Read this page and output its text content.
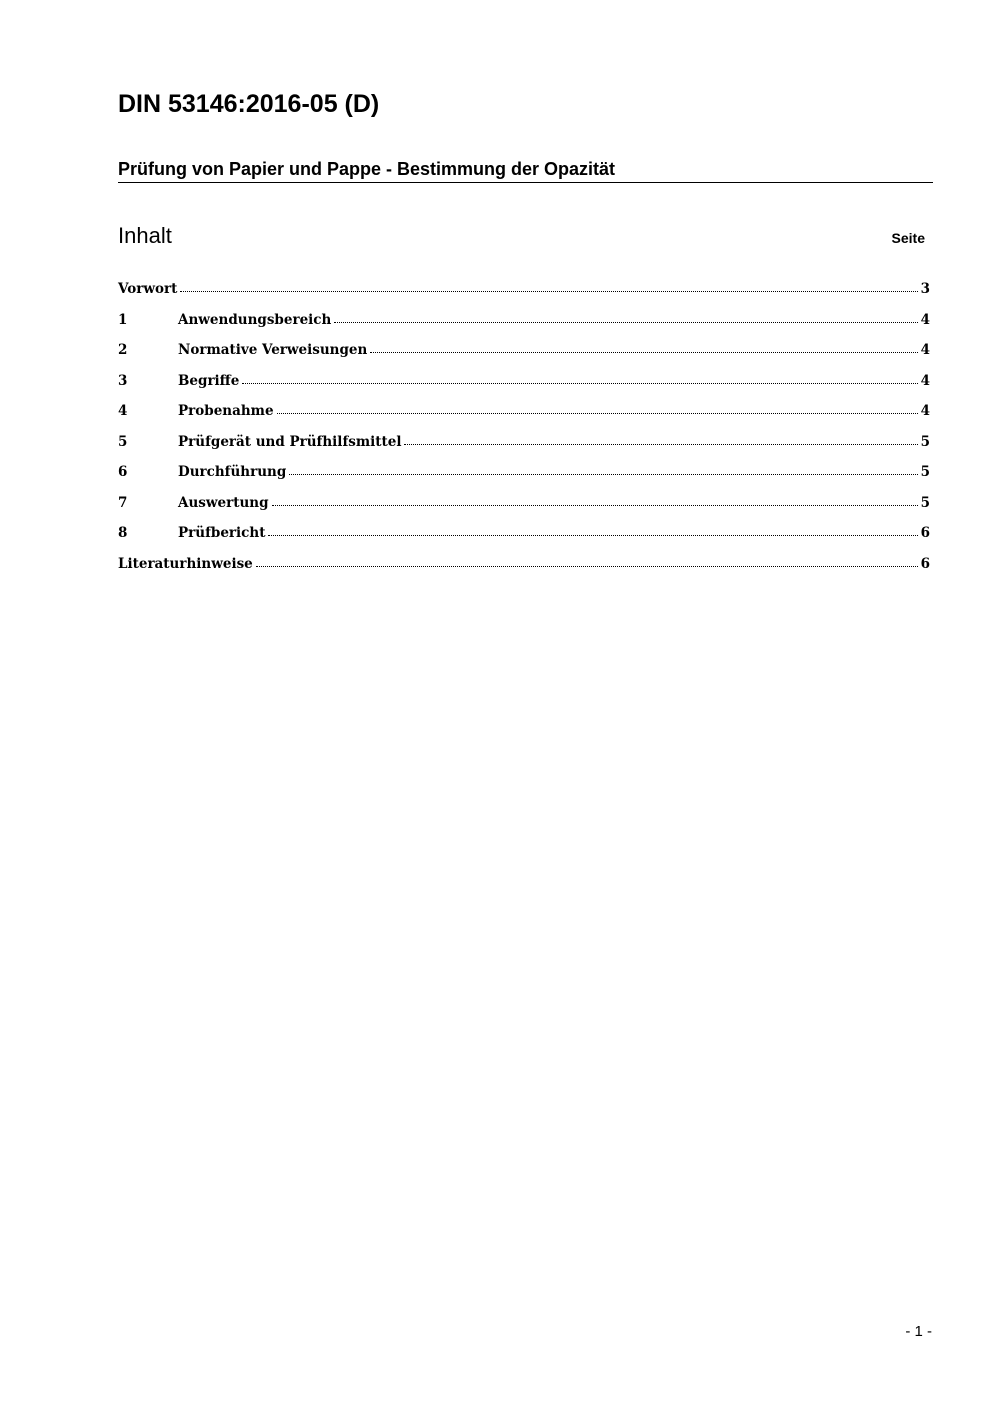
DIN 53146:2016-05 (D)
Prüfung von Papier und Pappe - Bestimmung der Opazität
Inhalt	Seite
Vorwort	3
1	Anwendungsbereich	4
2	Normative Verweisungen	4
3	Begriffe	4
4	Probenahme	4
5	Prüfgerät und Prüfhilfsmittel	5
6	Durchführung	5
7	Auswertung	5
8	Prüfbericht	6
Literaturhinweise	6
- 1 -
